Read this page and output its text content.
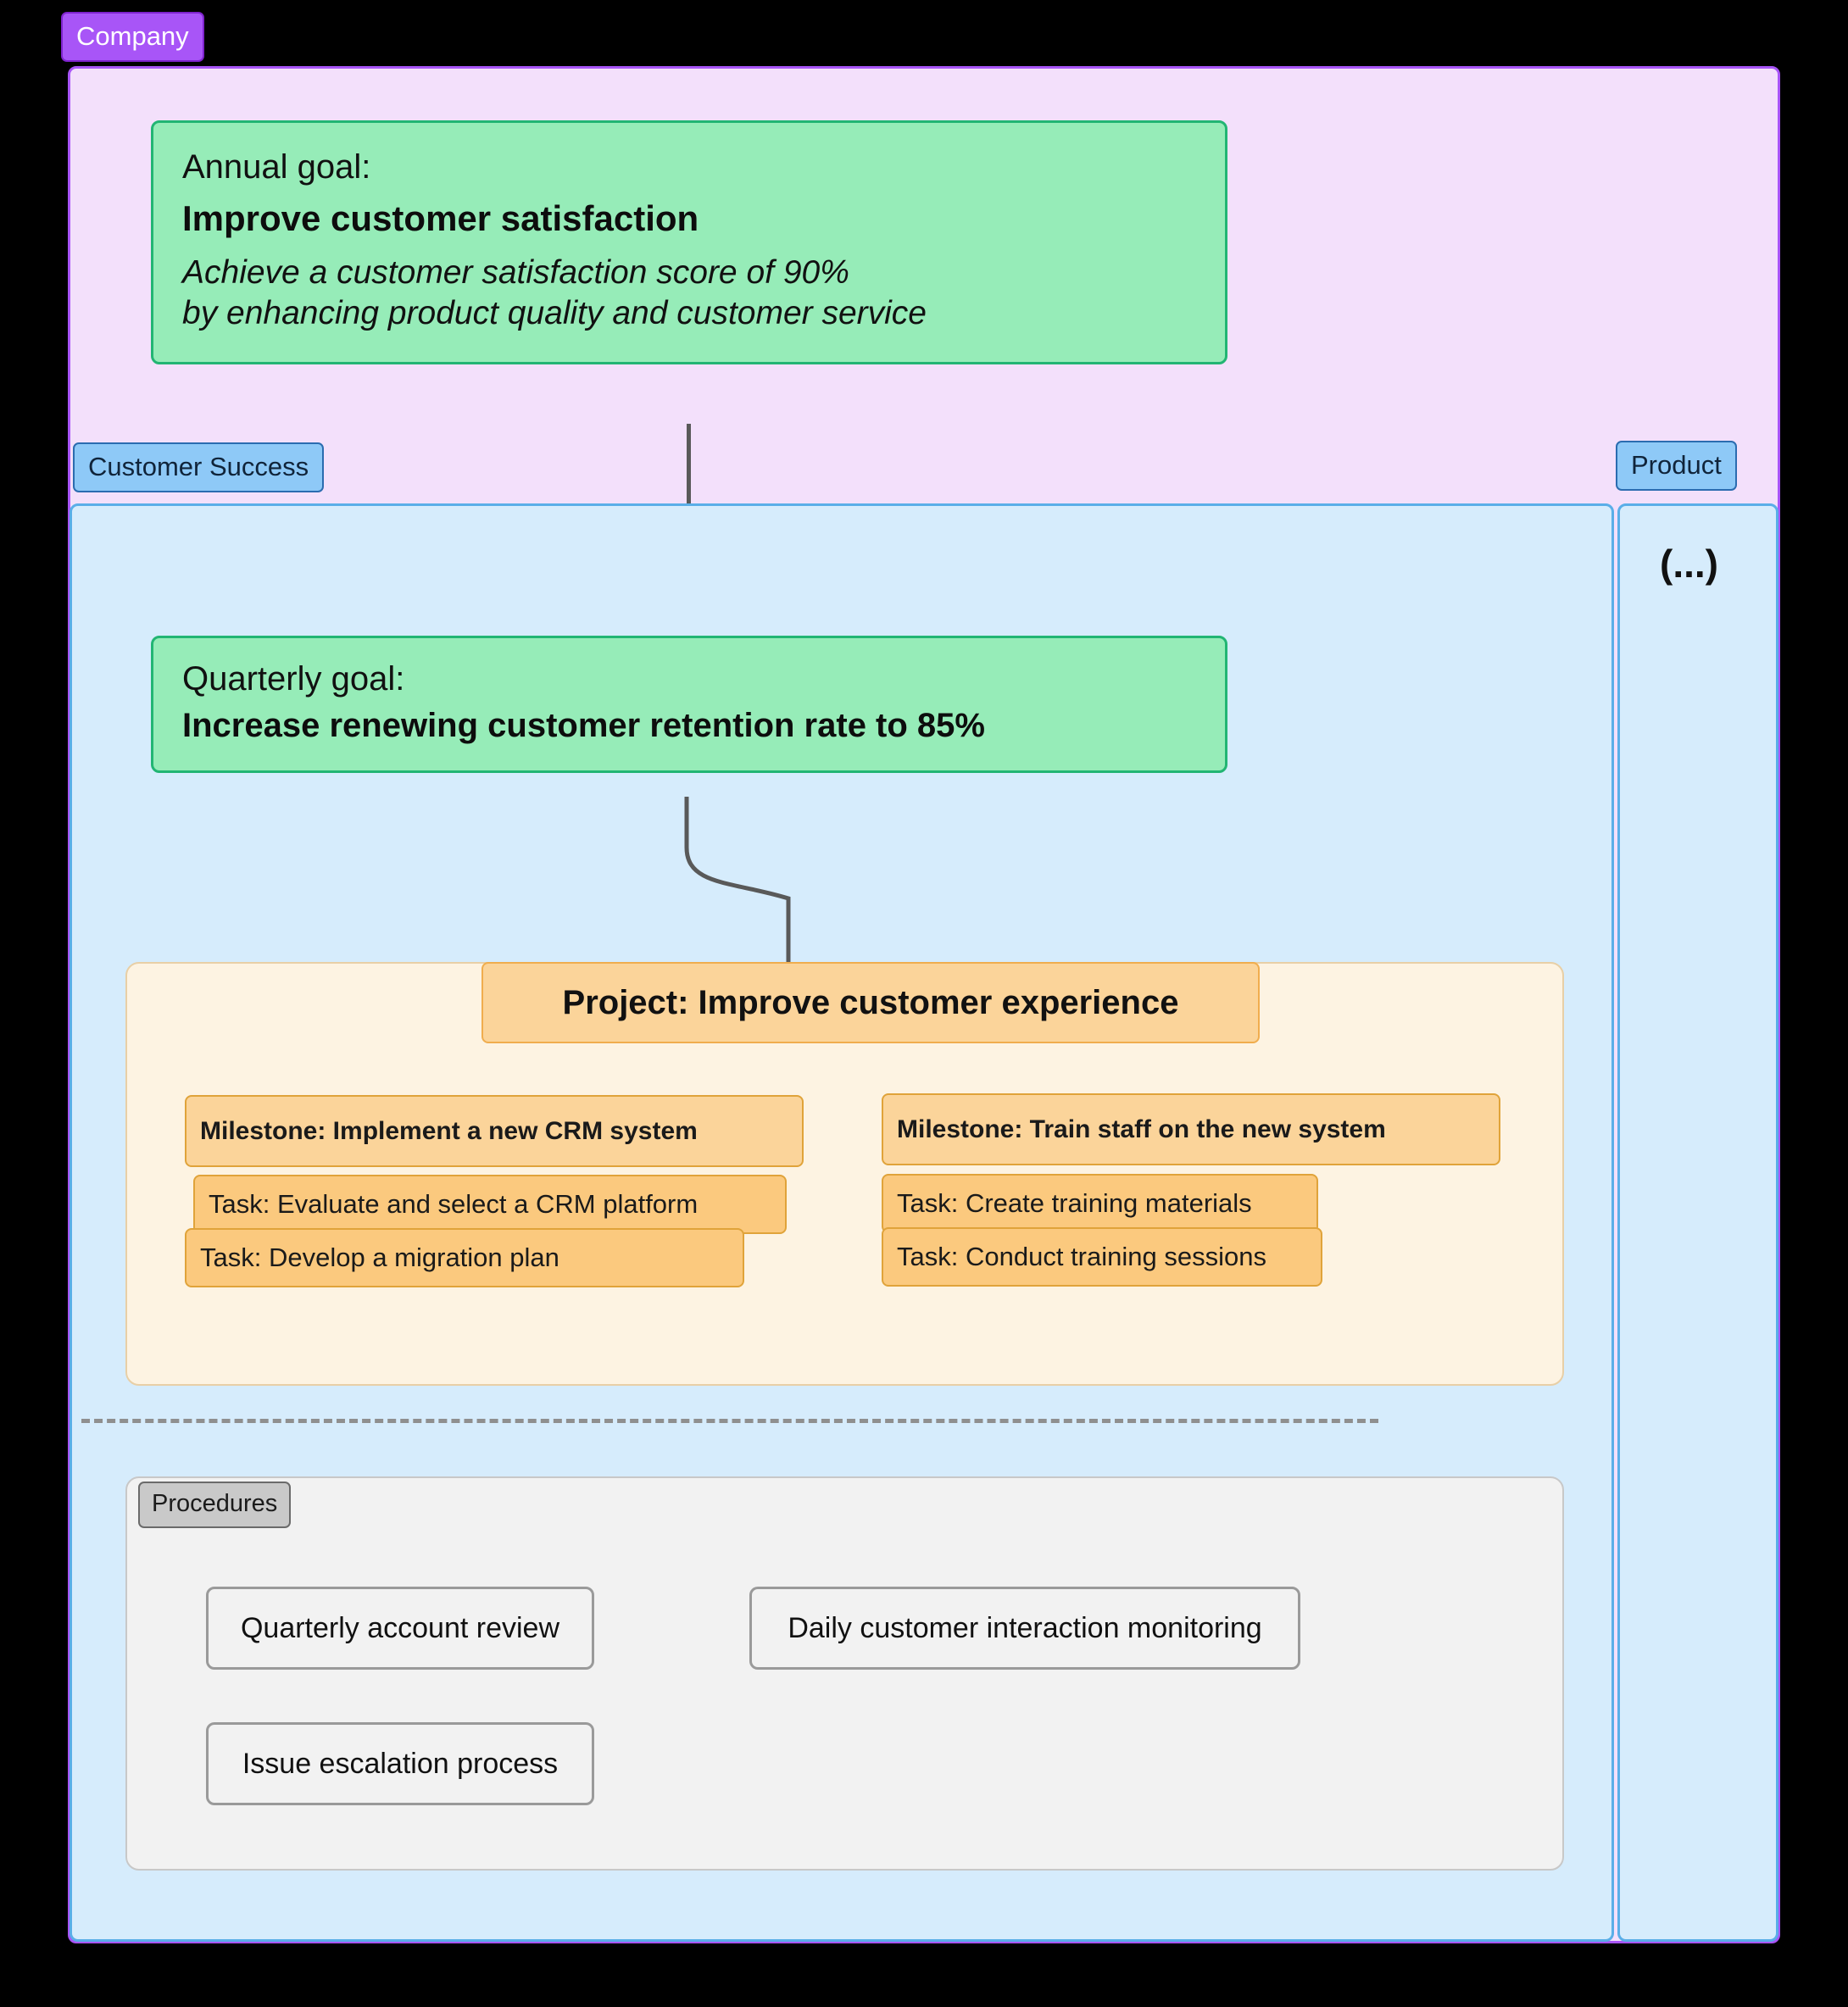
Company
Annual goal:
Improve customer satisfaction
Achieve a customer satisfaction score of 90%
by enhancing product quality and customer service
Customer Success	Product
(...)
Quarterly goal:
Increase renewing customer retention rate to 85%
Project: Improve customer experience
Milestone: Implement a new CRM system
Task: Evaluate and select a CRM platform
Task: Develop a migration plan
Milestone: Train staff on the new system
Task: Create training materials
Task: Conduct training sessions
Procedures
Quarterly account review	Daily customer interaction monitoring
Issue escalation process
